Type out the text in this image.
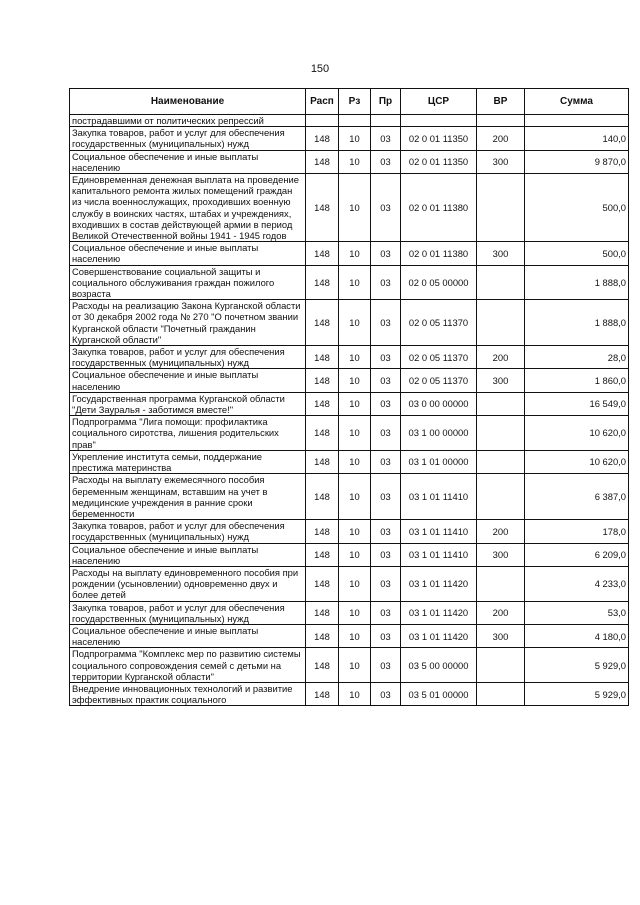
150
Наименование	Расп	Рз	Пр	ЦСР	ВР	Сумма
пострадавшими от политических репрессий						
Закупка товаров, работ и услуг для обеспечения государственных (муниципальных) нужд	148	10	03	02 0 01 11350	200	140,0
Социальное обеспечение и иные выплаты населению	148	10	03	02 0 01 11350	300	9 870,0
Единовременная денежная выплата на проведение капитального ремонта жилых помещений граждан из числа военнослужащих, проходивших военную службу в воинских частях, штабах и учреждениях, входивших в состав действующей армии в период Великой Отечественной войны 1941 - 1945 годов	148	10	03	02 0 01 11380		500,0
Социальное обеспечение и иные выплаты населению	148	10	03	02 0 01 11380	300	500,0
Совершенствование социальной защиты и социального обслуживания граждан пожилого возраста	148	10	03	02 0 05 00000		1 888,0
Расходы на реализацию Закона Курганской области от 30 декабря 2002 года № 270 "О почетном звании Курганской области "Почетный гражданин Курганской области"	148	10	03	02 0 05 11370		1 888,0
Закупка товаров, работ и услуг для обеспечения государственных (муниципальных) нужд	148	10	03	02 0 05 11370	200	28,0
Социальное обеспечение и иные выплаты населению	148	10	03	02 0 05 11370	300	1 860,0
Государственная программа Курганской области "Дети Зауралья - заботимся вместе!"	148	10	03	03 0 00 00000		16 549,0
Подпрограмма "Лига помощи: профилактика социального сиротства, лишения родительских прав"	148	10	03	03 1 00 00000		10 620,0
Укрепление института семьи, поддержание престижа материнства	148	10	03	03 1 01 00000		10 620,0
Расходы на выплату ежемесячного пособия беременным женщинам, вставшим на учет в медицинские учреждения в ранние сроки беременности	148	10	03	03 1 01 11410		6 387,0
Закупка товаров, работ и услуг для обеспечения государственных (муниципальных) нужд	148	10	03	03 1 01 11410	200	178,0
Социальное обеспечение и иные выплаты населению	148	10	03	03 1 01 11410	300	6 209,0
Расходы на выплату единовременного пособия при рождении (усыновлении) одновременно двух и более детей	148	10	03	03 1 01 11420		4 233,0
Закупка товаров, работ и услуг для обеспечения государственных (муниципальных) нужд	148	10	03	03 1 01 11420	200	53,0
Социальное обеспечение и иные выплаты населению	148	10	03	03 1 01 11420	300	4 180,0
Подпрограмма "Комплекс мер по развитию системы социального сопровождения семей с детьми на территории Курганской области"	148	10	03	03 5 00 00000		5 929,0
Внедрение инновационных технологий и развитие эффективных практик социального	148	10	03	03 5 01 00000		5 929,0
